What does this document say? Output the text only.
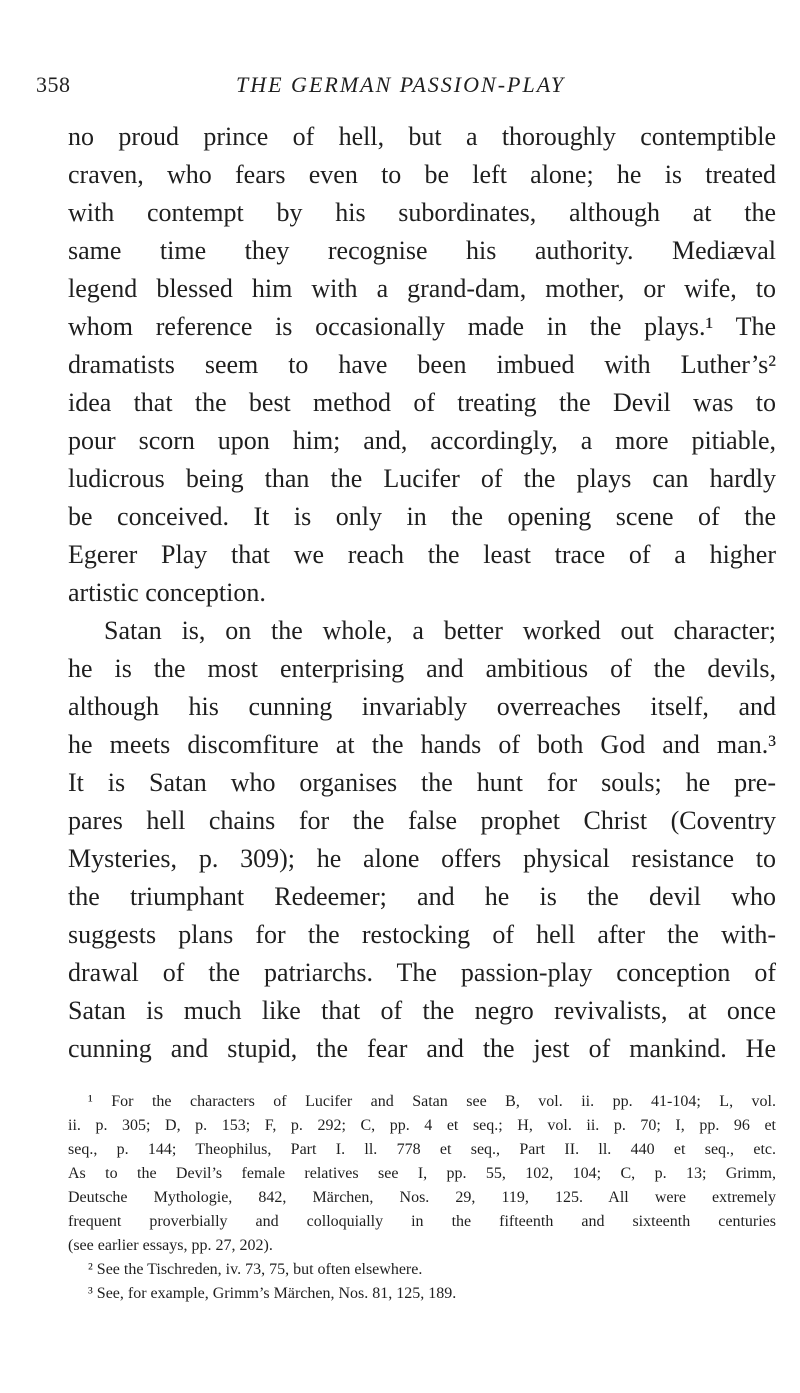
358	THE GERMAN PASSION-PLAY
no proud prince of hell, but a thoroughly contemptible
craven, who fears even to be left alone; he is treated
with contempt by his subordinates, although at the
same time they recognise his authority. Mediæval
legend blessed him with a grand-dam, mother, or wife, to
whom reference is occasionally made in the plays.¹ The
dramatists seem to have been imbued with Luther’s²
idea that the best method of treating the Devil was to
pour scorn upon him; and, accordingly, a more pitiable,
ludicrous being than the Lucifer of the plays can hardly
be conceived. It is only in the opening scene of the
Egerer Play that we reach the least trace of a higher
artistic conception.
Satan is, on the whole, a better worked out character;
he is the most enterprising and ambitious of the devils,
although his cunning invariably overreaches itself, and
he meets discomfiture at the hands of both God and man.³
It is Satan who organises the hunt for souls; he pre-
pares hell chains for the false prophet Christ (Coventry
Mysteries, p. 309); he alone offers physical resistance to
the triumphant Redeemer; and he is the devil who
suggests plans for the restocking of hell after the with-
drawal of the patriarchs. The passion-play conception of
Satan is much like that of the negro revivalists, at once
cunning and stupid, the fear and the jest of mankind. He
¹ For the characters of Lucifer and Satan see B, vol. ii. pp. 41-104; L, vol.
ii. p. 305; D, p. 153; F, p. 292; C, pp. 4 et seq.; H, vol. ii. p. 70; I, pp. 96 et
seq., p. 144; Theophilus, Part I. ll. 778 et seq., Part II. ll. 440 et seq., etc.
As to the Devil’s female relatives see I, pp. 55, 102, 104; C, p. 13; Grimm,
Deutsche Mythologie, 842, Märchen, Nos. 29, 119, 125. All were extremely
frequent proverbially and colloquially in the fifteenth and sixteenth centuries
(see earlier essays, pp. 27, 202).
² See the Tischreden, iv. 73, 75, but often elsewhere.
³ See, for example, Grimm’s Märchen, Nos. 81, 125, 189.
